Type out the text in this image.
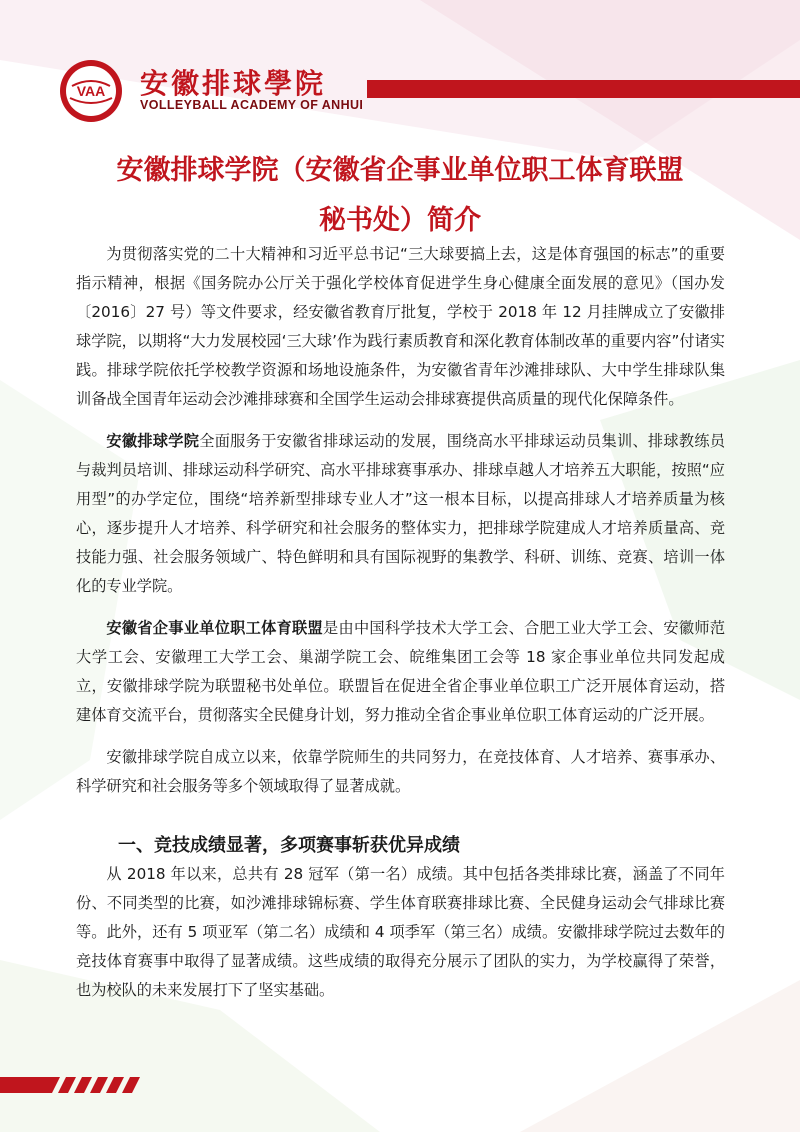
VAA 安徽排球學院
VOLLEYBALL ACADEMY OF ANHUI
安徽排球学院（安徽省企事业单位职工体育联盟
秘书处）简介

为贯彻落实党的二十大精神和习近平总书记“三大球要搞上去，这是体育强国的标志”的重要指示精神，根据《国务院办公厅关于强化学校体育促进学生身心健康全面发展的意见》（国办发〔2016〕27 号）等文件要求，经安徽省教育厅批复，学校于 2018 年 12 月挂牌成立了安徽排球学院，以期将“大力发展校园‘三大球’作为践行素质教育和深化教育体制改革的重要内容”付诸实践。排球学院依托学校教学资源和场地设施条件，为安徽省青年沙滩排球队、大中学生排球队集训备战全国青年运动会沙滩排球赛和全国学生运动会排球赛提供高质量的现代化保障条件。

安徽排球学院全面服务于安徽省排球运动的发展，围绕高水平排球运动员集训、排球教练员与裁判员培训、排球运动科学研究、高水平排球赛事承办、排球卓越人才培养五大职能，按照“应用型”的办学定位，围绕“培养新型排球专业人才”这一根本目标，以提高排球人才培养质量为核心，逐步提升人才培养、科学研究和社会服务的整体实力，把排球学院建成人才培养质量高、竞技能力强、社会服务领域广、特色鲜明和具有国际视野的集教学、科研、训练、竞赛、培训一体化的专业学院。

安徽省企事业单位职工体育联盟是由中国科学技术大学工会、合肥工业大学工会、安徽师范大学工会、安徽理工大学工会、巢湖学院工会、皖维集团工会等 18 家企事业单位共同发起成立，安徽排球学院为联盟秘书处单位。联盟旨在促进全省企事业单位职工广泛开展体育运动，搭建体育交流平台，贯彻落实全民健身计划，努力推动全省企事业单位职工体育运动的广泛开展。

安徽排球学院自成立以来，依靠学院师生的共同努力，在竞技体育、人才培养、赛事承办、科学研究和社会服务等多个领域取得了显著成就。

一、竞技成绩显著，多项赛事斩获优异成绩

从 2018 年以来，总共有 28 冠军（第一名）成绩。其中包括各类排球比赛，涵盖了不同年份、不同类型的比赛，如沙滩排球锦标赛、学生体育联赛排球比赛、全民健身运动会气排球比赛等。此外，还有 5 项亚军（第二名）成绩和 4 项季军（第三名）成绩。安徽排球学院过去数年的竞技体育赛事中取得了显著成绩。这些成绩的取得充分展示了团队的实力，为学校赢得了荣誉，也为校队的未来发展打下了坚实基础。
